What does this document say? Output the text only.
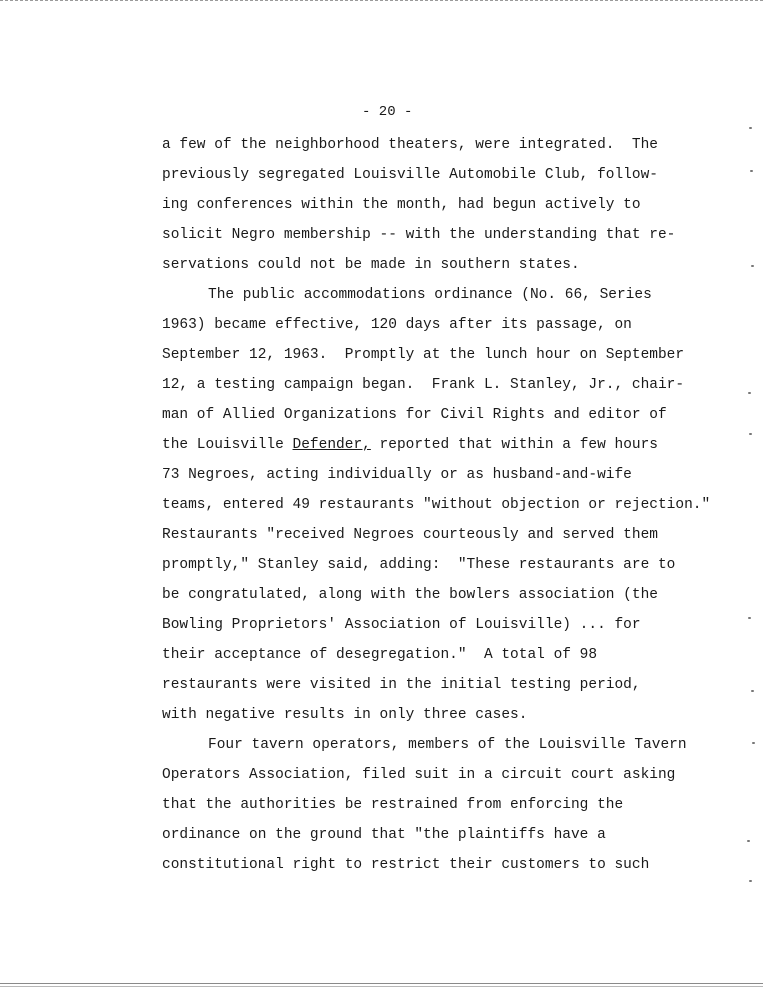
- 20 -
a few of the neighborhood theaters, were integrated.  The
previously segregated Louisville Automobile Club, follow-
ing conferences within the month, had begun actively to
solicit Negro membership -- with the understanding that re-
servations could not be made in southern states.
The public accommodations ordinance (No. 66, Series
1963) became effective, 120 days after its passage, on
September 12, 1963.  Promptly at the lunch hour on September
12, a testing campaign began.  Frank L. Stanley, Jr., chair-
man of Allied Organizations for Civil Rights and editor of
the Louisville Defender, reported that within a few hours
73 Negroes, acting individually or as husband-and-wife
teams, entered 49 restaurants "without objection or rejection."
Restaurants "received Negroes courteously and served them
promptly," Stanley said, adding:  "These restaurants are to
be congratulated, along with the bowlers association (the
Bowling Proprietors' Association of Louisville) ... for
their acceptance of desegregation."  A total of 98
restaurants were visited in the initial testing period,
with negative results in only three cases.
Four tavern operators, members of the Louisville Tavern
Operators Association, filed suit in a circuit court asking
that the authorities be restrained from enforcing the
ordinance on the ground that "the plaintiffs have a
constitutional right to restrict their customers to such
